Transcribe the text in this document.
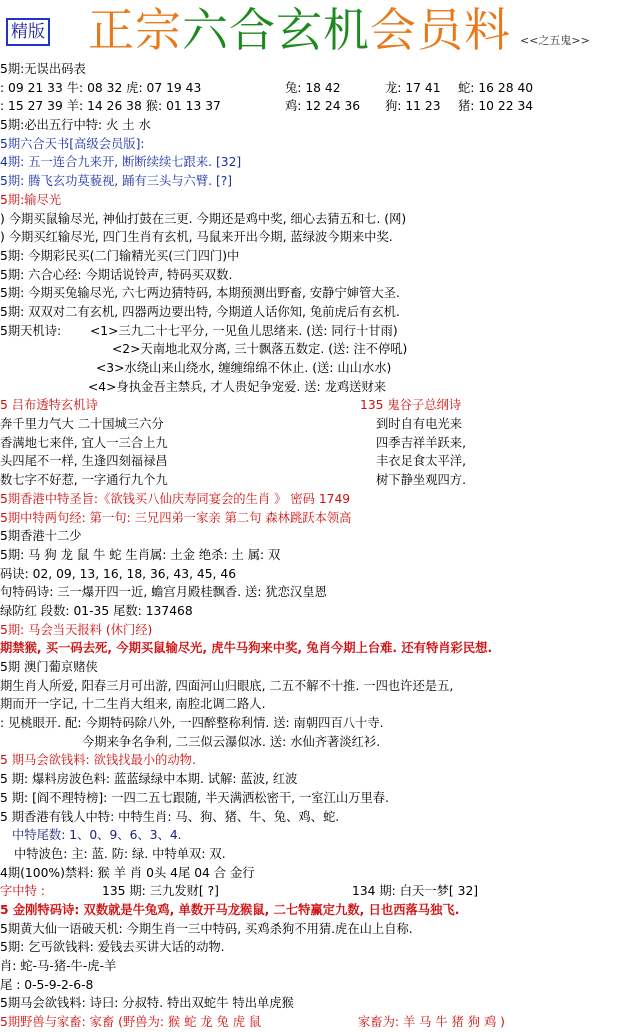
精版 正宗六合玄机会员料 <<之五鬼>>
5期:无误出码表
: 09 21 33 牛: 08 32 虎: 07 19 43	兔: 18 42	龙: 17 41 蛇: 16 28 40
: 15 27 39 羊: 14 26 38 猴: 01 13 37	鸡: 12 24 36 狗: 11 23 猪: 10 22 34
5期:必出五行中特: 火 土 水
5期六合天书[高级会员版]:
4期: 五一连合九来开, 断断续续七跟来. [32]
5期: 腾飞玄功莫藐视, 踊有三头与六臂. [?]
5期:输尽光
) 今期买鼠输尽光, 神仙打鼓在三更. 今期还是鸡中奖, 细心去猜五和七. (网)
) 今期买红输尽光, 四门生肖有玄机, 马鼠来开出今期, 蓝绿波今期来中奖.
5期: 今期彩民买(二门输精光买(三门四门)中
5期: 六合心经: 今期话说铃声, 特码买双数.
5期: 今期买兔输尽光, 六七两边猜特码, 本期预测出野畜, 安静宁婶管大圣.
5期: 双双对二有玄机, 四器两边要出特, 今期道人话你知, 兔前虎后有玄机.
5期天机诗: <1>三九二十七平分, 一见鱼儿思绪来. (送: 同行十甘雨)
<2>天南地北双分离, 三十飘落五数定. (送: 注不停吼)
<3>水绕山来山绕水, 缠缠绵绵不休止. (送: 山山水水)
<4>身执金吾主禁兵, 才人贵妃争宠爱. 送: 龙鸡送财来
5 吕布透特玄机诗	135 鬼谷子总纲诗
奔千里力气大 二十国城三六分	到时自有电光来
香满地七来伴, 宜人一三合上九	四季吉祥羊跃来,
头四尾不一样, 生逢四刻福禄昌	丰衣足食太平洋,
数七字不好惹, 一字通行九个九	树下静坐观四方.
5期香港中特圣旨:《欲钱买八仙庆寿同宴会的生肖 》 密码 1749
5期中特两句经: 第一句: 三兄四弟一家亲 第二句 森林跳跃本领高
5期香港十二少
5期: 马 狗 龙 鼠 牛 蛇 生肖属: 土金 绝杀: 土 属: 双
码诀: 02, 09, 13, 16, 18, 36, 43, 45, 46
句特码诗: 三一爆开四一近, 蟾宫月殿桂飘香. 送: 犹恋汉皇恩
绿防红 段数: 01-35 尾数: 137468
5期: 马会当天报料 (休门经)
期禁猴, 买一码去死, 今期买鼠输尽光, 虎牛马狗来中奖, 兔肖今期上台难. 还有特肖彩民想.
5期 澳门葡京赌侠
期生肖人所爱, 阳春三月可出游, 四面河山归眼底, 二五不解不十推. 一四也许还是五,
期而开一字记, 十二生肖大组来, 南腔北调二路人.
: 见桃眼开. 配: 今期特码除八外, 一四醉整称利情. 送: 南朝四百八十寺.
今期来争名争利, 二三似云瀑似冰. 送: 水仙齐著淡红衫.
5 期马会欲钱料: 欲钱找最小的动物.
5 期: 爆料房波色料: 蓝蓝绿绿中本期. 试解: 蓝波, 红波
5 期: [阎不理特榜]: 一四二五七跟随, 半天满洒松密干, 一室江山万里春.
5 期香港有钱人中特: 中特生肖: 马、狗、猪、牛、兔、鸡、蛇.
中特尾数: 1、0、9、6、3、4.
中特波色: 主: 蓝. 防: 绿. 中特单双: 双.
4期(100%)禁料: 猴 羊 肖 0头 4尾 04 合 金行
字中特 :	135 期: 三九发财[ ?]	134 期: 白天一梦[ 32]
5 金刚特码诗: 双数就是牛兔鸡, 单数开马龙猴鼠, 二七特赢定九数, 日也西落马独飞.
5期黄大仙一语破天机: 今期生肖一三中特码, 买鸡杀狗不用猜.虎在山上自称.
5期: 乞丐欲钱料: 爱钱去买讲大话的动物.
肖: 蛇-马-猪-牛-虎-羊
尾 : 0-5-9-2-6-8
5期马会欲钱料: 诗曰: 分叔特. 特出双蛇牛 特出单虎猴
5期野兽与家畜: 家畜 (野兽为: 猴 蛇 龙 兔 虎 鼠	家畜为: 羊 马 牛 猪 狗 鸡 )
